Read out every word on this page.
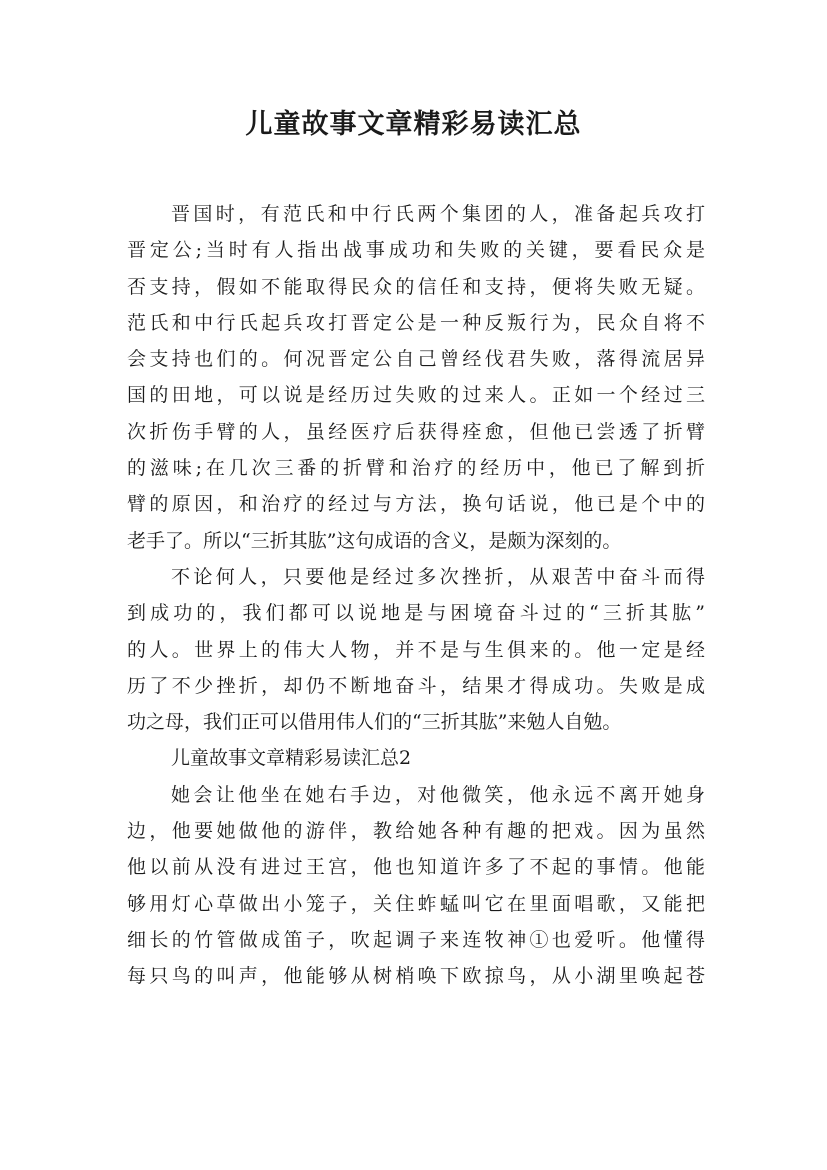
儿童故事文章精彩易读汇总
晋国时，有范氏和中行氏两个集团的人，准备起兵攻打
晋定公;当时有人指出战事成功和失败的关键，要看民众是
否支持，假如不能取得民众的信任和支持，便将失败无疑。
范氏和中行氏起兵攻打晋定公是一种反叛行为，民众自将不
会支持也们的。何况晋定公自己曾经伐君失败，落得流居异
国的田地，可以说是经历过失败的过来人。正如一个经过三
次折伤手臂的人，虽经医疗后获得痊愈，但他已尝透了折臂
的滋味;在几次三番的折臂和治疗的经历中，他已了解到折
臂的原因，和治疗的经过与方法，换句话说，他已是个中的
老手了。所以“三折其肱”这句成语的含义，是颇为深刻的。
不论何人，只要他是经过多次挫折，从艰苦中奋斗而得
到成功的，我们都可以说地是与困境奋斗过的“三折其肱”
的人。世界上的伟大人物，并不是与生俱来的。他一定是经
历了不少挫折，却仍不断地奋斗，结果才得成功。失败是成
功之母，我们正可以借用伟人们的“三折其肱”来勉人自勉。
儿童故事文章精彩易读汇总2
她会让他坐在她右手边，对他微笑，他永远不离开她身
边，他要她做他的游伴，教给她各种有趣的把戏。因为虽然
他以前从没有进过王宫，他也知道许多了不起的事情。他能
够用灯心草做出小笼子，关住蚱蜢叫它在里面唱歌，又能把
细长的竹管做成笛子，吹起调子来连牧神①也爱听。他懂得
每只鸟的叫声，他能够从树梢唤下欧掠鸟，从小湖里唤起苍
